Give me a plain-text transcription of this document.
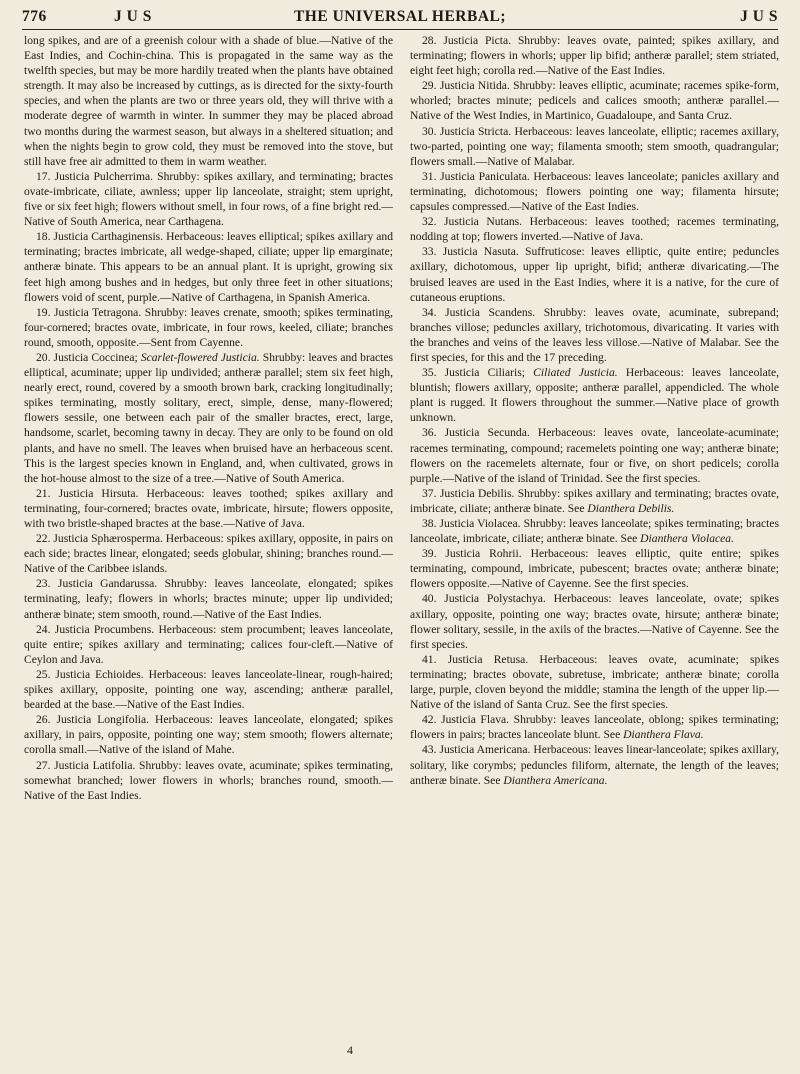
776	J U S	THE UNIVERSAL HERBAL;	J U S

long spikes, and are of a greenish colour with a shade of blue.—Native of the East Indies, and Cochin-china. This is propagated in the same way as the twelfth species, but may be more hardily treated when the plants have obtained strength. It may also be increased by cuttings, as is directed for the sixty-fourth species, and when the plants are two or three years old, they will thrive with a moderate degree of warmth in winter. In summer they may be placed abroad two months during the warmest season, but always in a sheltered situation; and when the nights begin to grow cold, they must be removed into the stove, but still have free air admitted to them in warm weather.

17. Justicia Pulcherrima. Shrubby: spikes axillary, and terminating; bractes ovate-imbricate, ciliate, awnless; upper lip lanceolate, straight; stem upright, five or six feet high; flowers without smell, in four rows, of a fine bright red.—Native of South America, near Carthagena.

18. Justicia Carthaginensis. Herbaceous: leaves elliptical; spikes axillary and terminating; bractes imbricate, all wedge-shaped, ciliate; upper lip emarginate; antheræ binate. This appears to be an annual plant. It is upright, growing six feet high among bushes and in hedges, but only three feet in other situations; flowers void of scent, purple.—Native of Carthagena, in Spanish America.

19. Justicia Tetragona. Shrubby: leaves crenate, smooth; spikes terminating, four-cornered; bractes ovate, imbricate, in four rows, keeled, ciliate; branches round, smooth, opposite.—Sent from Cayenne.

20. Justicia Coccinea; Scarlet-flowered Justicia. Shrubby: leaves and bractes elliptical, acuminate; upper lip undivided; antheræ parallel; stem six feet high, nearly erect, round, covered by a smooth brown bark, cracking longitudinally; spikes terminating, mostly solitary, erect, simple, dense, many-flowered; flowers sessile, one between each pair of the smaller bractes, erect, large, handsome, scarlet, becoming tawny in decay. They are only to be found on old plants, and have no smell. The leaves when bruised have an herbaceous scent. This is the largest species known in England, and, when cultivated, grows in the hot-house almost to the size of a tree.—Native of South America.

21. Justicia Hirsuta. Herbaceous: leaves toothed; spikes axillary and terminating, four-cornered; bractes ovate, imbricate, hirsute; flowers opposite, with two bristle-shaped bractes at the base.—Native of Java.

22. Justicia Sphærosperma. Herbaceous: spikes axillary, opposite, in pairs on each side; bractes linear, elongated; seeds globular, shining; branches round.—Native of the Caribbee islands.

23. Justicia Gandarussa. Shrubby: leaves lanceolate, elongated; spikes terminating, leafy; flowers in whorls; bractes minute; upper lip undivided; antheræ binate; stem smooth, round.—Native of the East Indies.

24. Justicia Procumbens. Herbaceous: stem procumbent; leaves lanceolate, quite entire; spikes axillary and terminating; calices four-cleft.—Native of Ceylon and Java.

25. Justicia Echioides. Herbaceous: leaves lanceolate-linear, rough-haired; spikes axillary, opposite, pointing one way, ascending; antheræ parallel, bearded at the base.—Native of the East Indies.

26. Justicia Longifolia. Herbaceous: leaves lanceolate, elongated; spikes axillary, in pairs, opposite, pointing one way; stem smooth; flowers alternate; corolla small.—Native of the island of Mahe.

27. Justicia Latifolia. Shrubby: leaves ovate, acuminate; spikes terminating, somewhat branched; lower flowers in whorls; branches round, smooth.—Native of the East Indies.

28. Justicia Picta. Shrubby: leaves ovate, painted; spikes axillary, and terminating; flowers in whorls; upper lip bifid; antheræ parallel; stem striated, eight feet high; corolla red.—Native of the East Indies.

29. Justicia Nitida. Shrubby: leaves elliptic, acuminate; racemes spike-form, whorled; bractes minute; pedicels and calices smooth; antheræ parallel.—Native of the West Indies, in Martinico, Guadaloupe, and Santa Cruz.

30. Justicia Stricta. Herbaceous: leaves lanceolate, elliptic; racemes axillary, two-parted, pointing one way; filamenta smooth; stem smooth, quadrangular; flowers small.—Native of Malabar.

31. Justicia Paniculata. Herbaceous: leaves lanceolate; panicles axillary and terminating, dichotomous; flowers pointing one way; filamenta hirsute; capsules compressed.—Native of the East Indies.

32. Justicia Nutans. Herbaceous: leaves toothed; racemes terminating, nodding at top; flowers inverted.—Native of Java.

33. Justicia Nasuta. Suffruticose: leaves elliptic, quite entire; peduncles axillary, dichotomous, upper lip upright, bifid; antheræ divaricating.—The bruised leaves are used in the East Indies, where it is a native, for the cure of cutaneous eruptions.

34. Justicia Scandens. Shrubby: leaves ovate, acuminate, subrepand; branches villose; peduncles axillary, trichotomous, divaricating. It varies with the branches and veins of the leaves less villose.—Native of Malabar. See the first species, for this and the 17 preceding.

35. Justicia Ciliaris; Ciliated Justicia. Herbaceous: leaves lanceolate, bluntish; flowers axillary, opposite; antheræ parallel, appendicled. The whole plant is rugged. It flowers throughout the summer.—Native place of growth unknown.

36. Justicia Secunda. Herbaceous: leaves ovate, lanceolate-acuminate; racemes terminating, compound; racemelets pointing one way; antheræ binate; flowers on the racemelets alternate, four or five, on short pedicels; corolla purple.—Native of the island of Trinidad. See the first species.

37. Justicia Debilis. Shrubby: spikes axillary and terminating; bractes ovate, imbricate, ciliate; antheræ binate. See Dianthera Debilis.

38. Justicia Violacea. Shrubby: leaves lanceolate; spikes terminating; bractes lanceolate, imbricate, ciliate; antheræ binate. See Dianthera Violacea.

39. Justicia Rohrii. Herbaceous: leaves elliptic, quite entire; spikes terminating, compound, imbricate, pubescent; bractes ovate; antheræ binate; flowers opposite.—Native of Cayenne. See the first species.

40. Justicia Polystachya. Herbaceous: leaves lanceolate, ovate; spikes axillary, opposite, pointing one way; bractes ovate, hirsute; antheræ binate; flower solitary, sessile, in the axils of the bractes.—Native of Cayenne. See the first species.

41. Justicia Retusa. Herbaceous: leaves ovate, acuminate; spikes terminating; bractes obovate, subretuse, imbricate; antheræ binate; corolla large, purple, cloven beyond the middle; stamina the length of the upper lip.—Native of the island of Santa Cruz. See the first species.

42. Justicia Flava. Shrubby: leaves lanceolate, oblong; spikes terminating; flowers in pairs; bractes lanceolate blunt. See Dianthera Flava.

43. Justicia Americana. Herbaceous: leaves linear-lanceolate; spikes axillary, solitary, like corymbs; peduncles filiform, alternate, the length of the leaves; antheræ binate. See Dianthera Americana.

4
